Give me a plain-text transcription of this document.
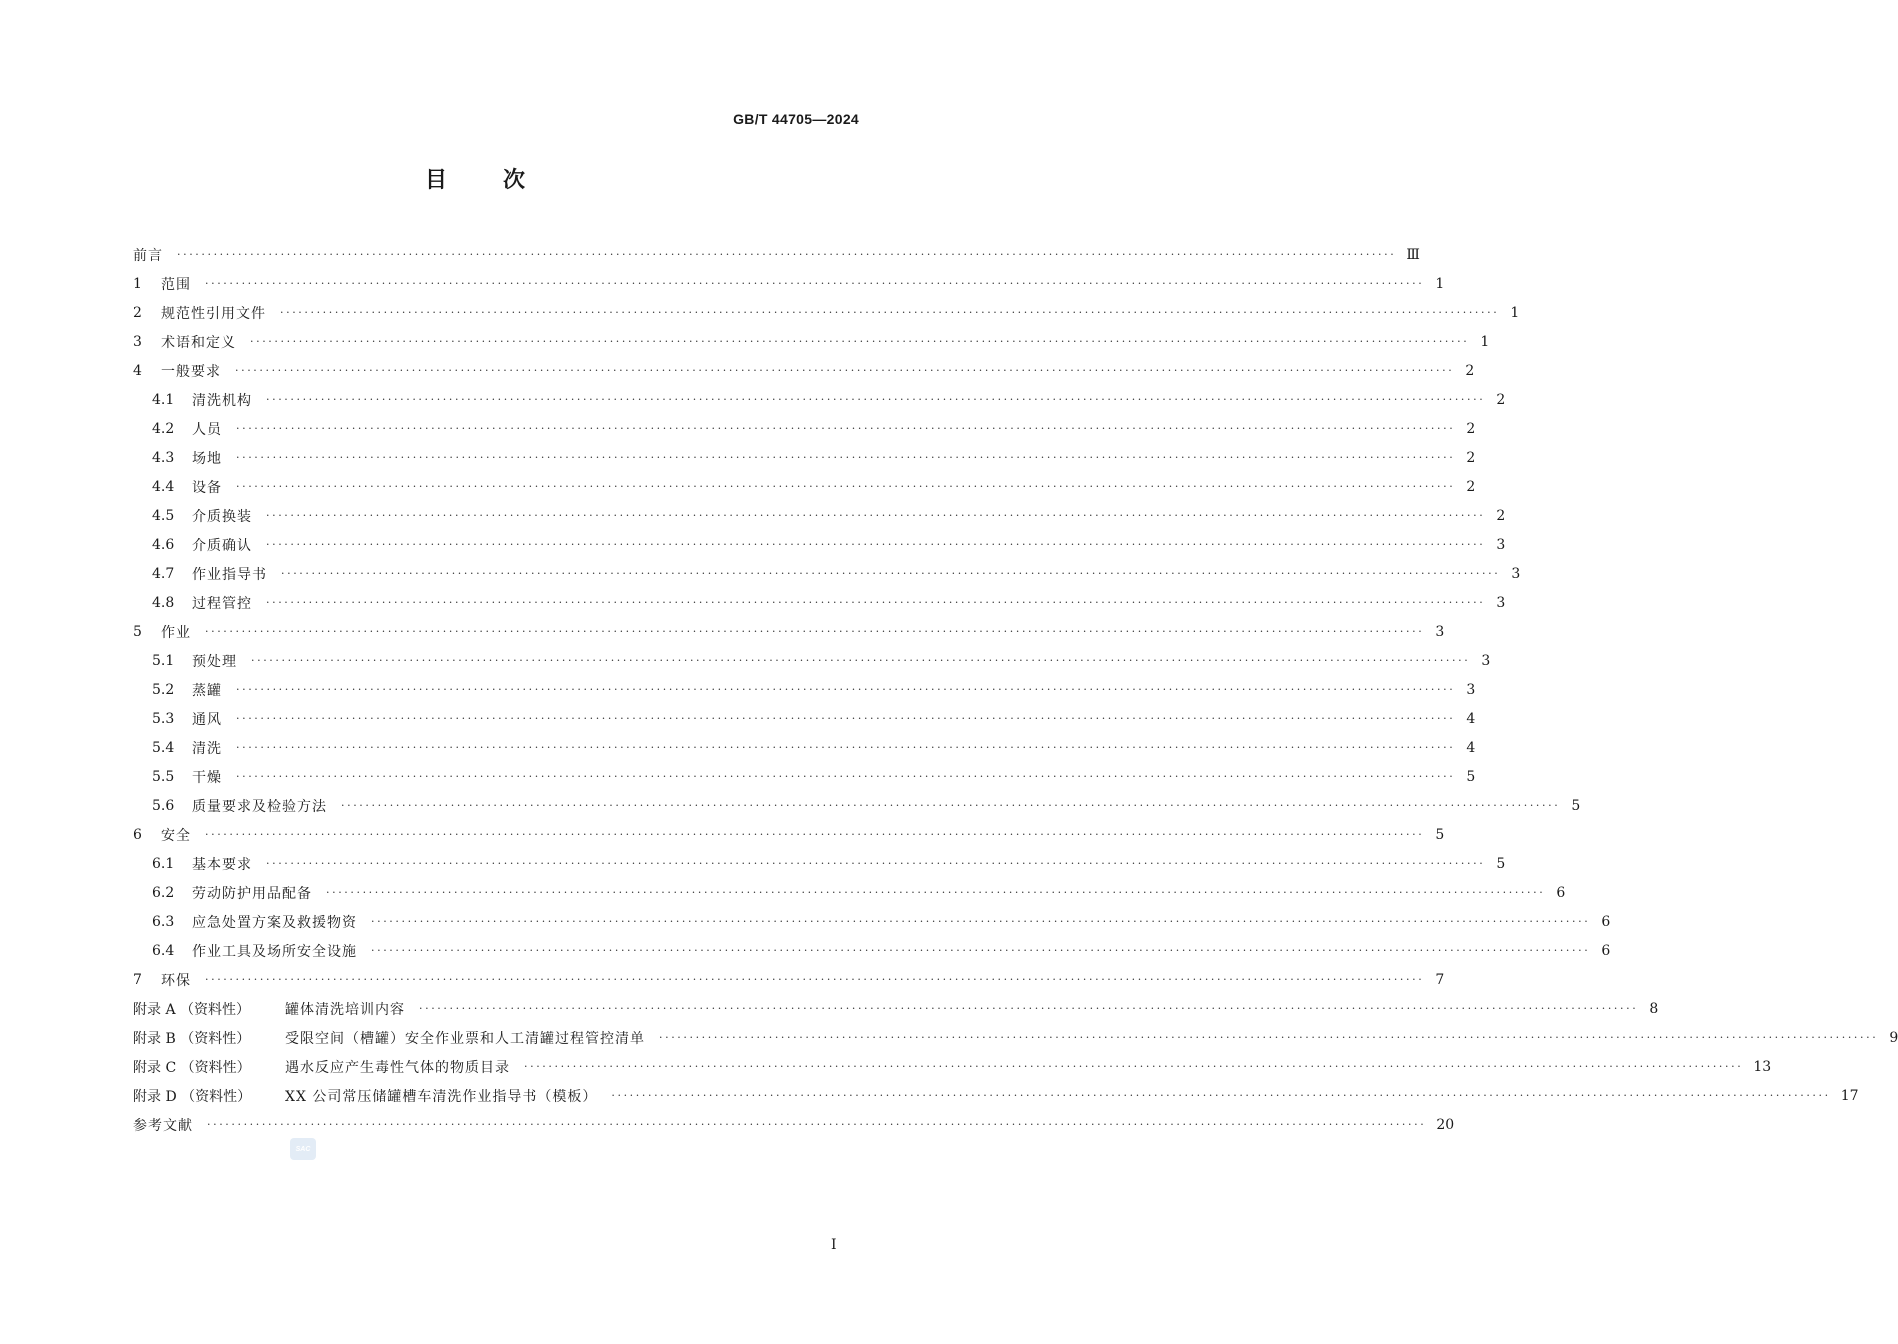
GB/T 44705—2024
目次
前言 ········································································································································································································ Ⅲ
1	范围 ········································································································································································································ 1
2	规范性引用文件 ········································································································································································································ 1
3	术语和定义 ········································································································································································································ 1
4	一般要求 ········································································································································································································ 2
4.1	清洗机构 ········································································································································································································ 2
4.2	人员 ········································································································································································································ 2
4.3	场地 ········································································································································································································ 2
4.4	设备 ········································································································································································································ 2
4.5	介质换装 ········································································································································································································ 2
4.6	介质确认 ········································································································································································································ 3
4.7	作业指导书 ········································································································································································································ 3
4.8	过程管控 ········································································································································································································ 3
5	作业 ········································································································································································································ 3
5.1	预处理 ········································································································································································································ 3
5.2	蒸罐 ········································································································································································································ 3
5.3	通风 ········································································································································································································ 4
5.4	清洗 ········································································································································································································ 4
5.5	干燥 ········································································································································································································ 5
5.6	质量要求及检验方法 ········································································································································································································ 5
6	安全 ········································································································································································································ 5
6.1	基本要求 ········································································································································································································ 5
6.2	劳动防护用品配备 ········································································································································································································ 6
6.3	应急处置方案及救援物资 ········································································································································································································ 6
6.4	作业工具及场所安全设施 ········································································································································································································ 6
7	环保 ········································································································································································································ 7
附录 A （资料性）	罐体清洗培训内容 ········································································································································································································ 8
附录 B （资料性）	受限空间（槽罐）安全作业票和人工清罐过程管控清单 ········································································································································································································ 9
附录 C （资料性）	遇水反应产生毒性气体的物质目录 ········································································································································································································ 13
附录 D （资料性）	XX 公司常压储罐槽车清洗作业指导书（模板） ········································································································································································································ 17
参考文献 ········································································································································································································ 20
SAC
I
